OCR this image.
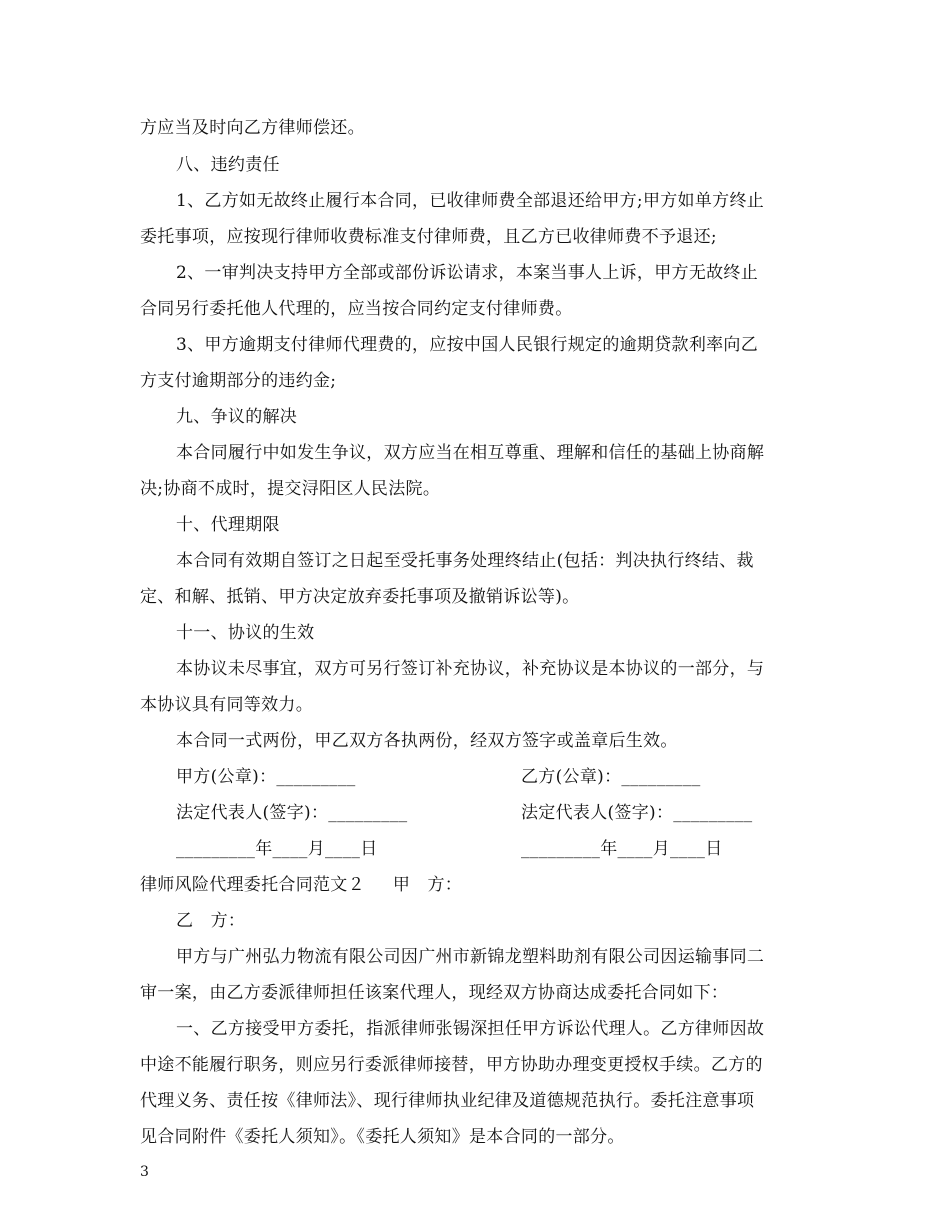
方应当及时向乙方律师偿还。
八、违约责任
1、乙方如无故终止履行本合同，已收律师费全部退还给甲方;甲方如单方终止
委托事项，应按现行律师收费标准支付律师费，且乙方已收律师费不予退还;
2、一审判决支持甲方全部或部份诉讼请求，本案当事人上诉，甲方无故终止
合同另行委托他人代理的，应当按合同约定支付律师费。
3、甲方逾期支付律师代理费的，应按中国人民银行规定的逾期贷款利率向乙
方支付逾期部分的违约金;
九、争议的解决
本合同履行中如发生争议，双方应当在相互尊重、理解和信任的基础上协商解
决;协商不成时，提交浔阳区人民法院。
十、代理期限
本合同有效期自签订之日起至受托事务处理终结止(包括：判决执行终结、裁
定、和解、抵销、甲方决定放弃委托事项及撤销诉讼等)。
十一、协议的生效
本协议未尽事宜，双方可另行签订补充协议，补充协议是本协议的一部分，与
本协议具有同等效力。
本合同一式两份，甲乙双方各执两份，经双方签字或盖章后生效。
甲方(公章)：_________	乙方(公章)：_________
法定代表人(签字)：_________	法定代表人(签字)：_________
_________年____月____日	_________年____月____日
律师风险代理委托合同范文２ 甲　方：
乙　方：
甲方与广州弘力物流有限公司因广州市新锦龙塑料助剂有限公司因运输事同二
审一案，由乙方委派律师担任该案代理人，现经双方协商达成委托合同如下：
一、乙方接受甲方委托，指派律师张锡深担任甲方诉讼代理人。乙方律师因故
中途不能履行职务，则应另行委派律师接替，甲方协助办理变更授权手续。乙方的
代理义务、责任按《律师法》、现行律师执业纪律及道德规范执行。委托注意事项
见合同附件《委托人须知》。《委托人须知》是本合同的一部分。
3
